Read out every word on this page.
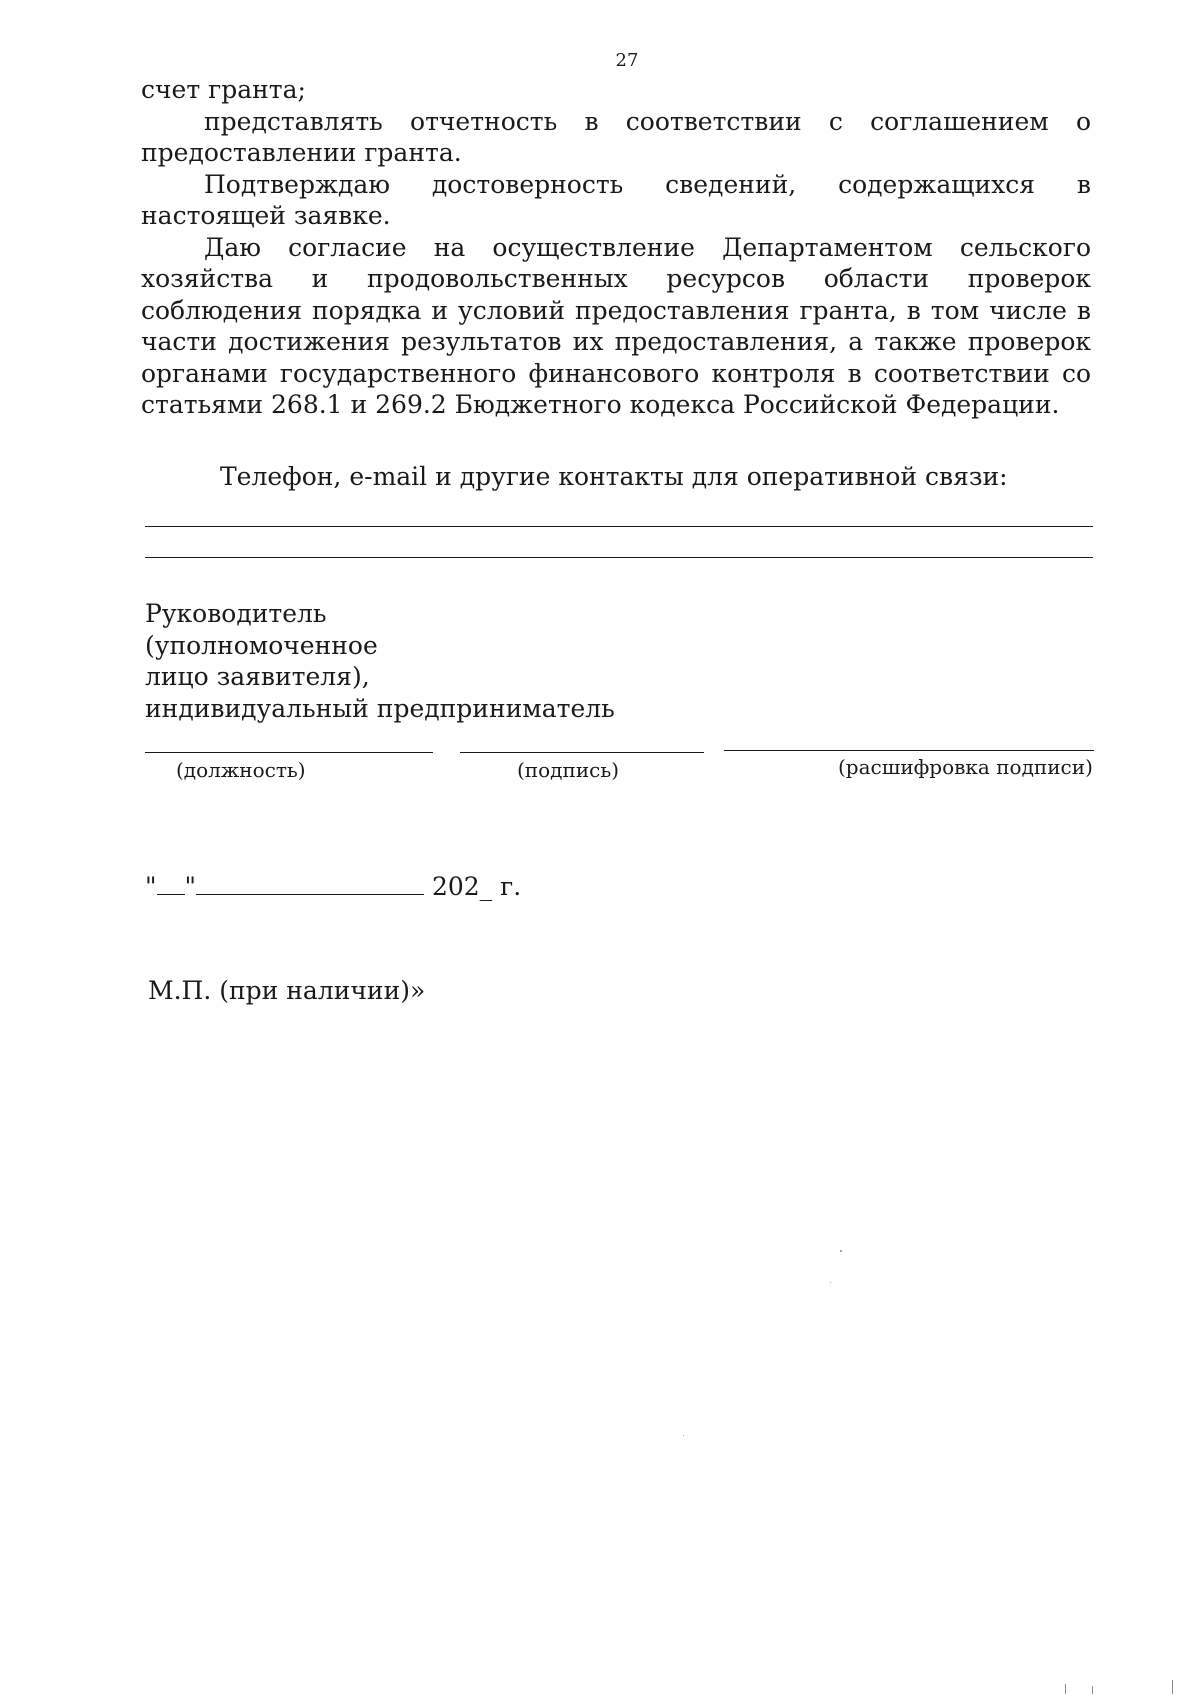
27

счет гранта;

представлять отчетность в соответствии с соглашением о предоставлении гранта.

Подтверждаю достоверность сведений, содержащихся в настоящей заявке.

Даю согласие на осуществление Департаментом сельского хозяйства и продовольственных ресурсов области проверок соблюдения порядка и условий предоставления гранта, в том числе в части достижения результатов их предоставления, а также проверок органами государственного финансового контроля в соответствии со статьями 268.1 и 269.2 Бюджетного кодекса Российской Федерации.

Телефон, e-mail и другие контакты для оперативной связи:
Руководитель
(уполномоченное
лицо заявителя),
индивидуальный предприниматель
(должность)	(подпись)	(расшифровка подписи)
" "	202_ г.
М.П. (при наличии)»
